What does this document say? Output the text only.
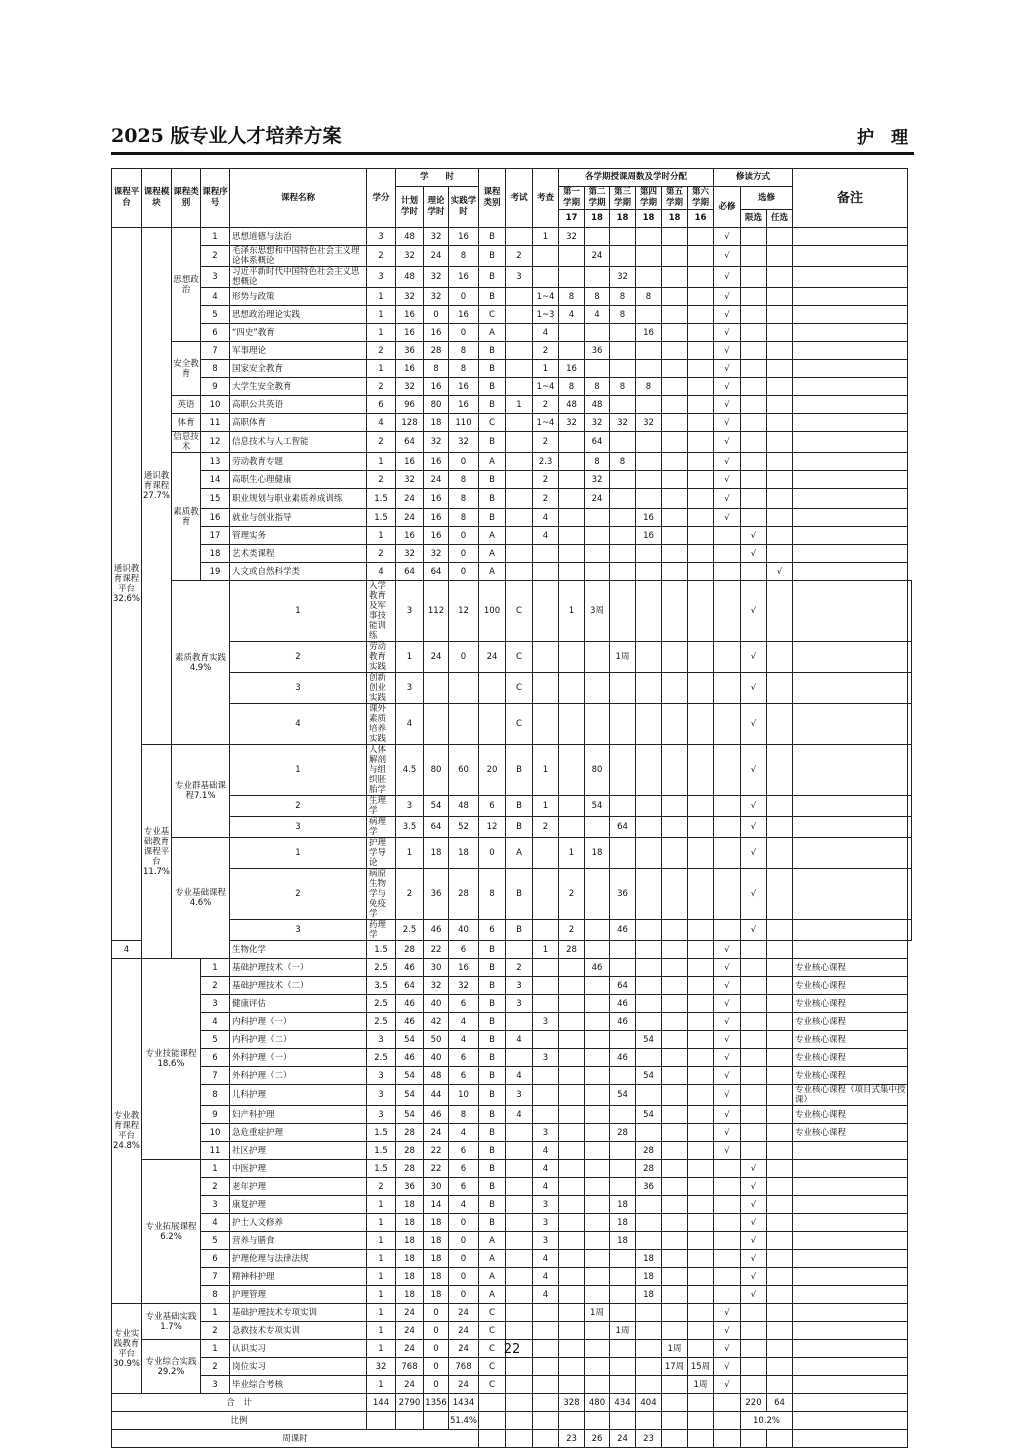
2025 版专业人才培养方案	护　理
课程平台	课程模块	课程类别	课程序号	课程名称	学分	学　　时			课程类别	考试	考查	各学期授课周数及学时分配						修读方式			备注	
						计划学时	理论学时	实践学时				第一学期	第二学期	第三学期	第四学期	第五学期	第六学期	必修	选修			
												17	18	18	18	18	16		限选	任选		
通识教育课程平台32.6%	通识教育课程27.7%	思想政治	1	思想道德与法治	3	48	32	16	B		1	32						√				
			2	毛泽东思想和中国特色社会主义理论体系概论	2	32	24	8	B	2			24					√				
			3	习近平新时代中国特色社会主义思想概论	3	48	32	16	B	3				32				√				
			4	形势与政策	1	32	32	0	B		1~4	8	8	8	8			√				
			5	思想政治理论实践	1	16	0	16	C		1~3	4	4	8				√				
			6	“四史”教育	1	16	16	0	A		4				16			√				
		安全教育	7	军事理论	2	36	28	8	B		2		36					√				
			8	国家安全教育	1	16	8	8	B		1	16						√				
			9	大学生安全教育	2	32	16	16	B		1~4	8	8	8	8			√				
		英语	10	高职公共英语	6	96	80	16	B	1	2	48	48					√				
		体育	11	高职体育	4	128	18	110	C		1~4	32	32	32	32			√				
		信息技术	12	信息技术与人工智能	2	64	32	32	B		2		64					√				
		素质教育	13	劳动教育专题	1	16	16	0	A		2.3		8	8				√				
			14	高职生心理健康	2	32	24	8	B		2		32					√				
			15	职业规划与职业素质养成训练	1.5	24	16	8	B		2		24					√				
			16	就业与创业指导	1.5	24	16	8	B		4				16			√				
			17	管理实务	1	16	16	0	A		4				16				√			
			18	艺术类课程	2	32	32	0	A										√			
			19	人文或自然科学类	4	64	64	0	A											√		
		素质教育实践4.9%		1	入学教育及军事技能训练	3	112	12	100	C		1	3周						√			
				2	劳动教育实践	1	24	0	24	C				1周					√			
				3	创新创业实践	3				C									√			
				4	课外素质培养实践	4				C									√			
	专业基础教育课程平台11.7%	专业群基础课程7.1%		1	人体解剖与组织胚胎学	4.5	80	60	20	B	1		80						√			
				2	生理学	3	54	48	6	B	1		54						√			
				3	病理学	3.5	64	52	12	B	2			64					√			
		专业基础课程4.6%		1	护理学导论	1	18	18	0	A		1	18						√			
				2	病原生物学与免疫学	2	36	28	8	B		2		36					√			
				3	药理学	2.5	46	40	6	B		2		46					√			
4				生物化学	1.5	28	22	6	B		1	28						√				
专业教育课程平台24.8%	专业技能课程18.6%		1	基础护理技术（一）	2.5	46	30	16	B	2			46					√			专业核心课程	
			2	基础护理技术（二）	3.5	64	32	32	B	3				64				√			专业核心课程	
			3	健康评估	2.5	46	40	6	B	3				46				√			专业核心课程	
			4	内科护理（一）	2.5	46	42	4	B		3			46				√			专业核心课程	
			5	内科护理（二）	3	54	50	4	B	4					54			√			专业核心课程	
			6	外科护理（一）	2.5	46	40	6	B		3			46				√			专业核心课程	
			7	外科护理（二）	3	54	48	6	B	4					54			√			专业核心课程	
			8	儿科护理	3	54	44	10	B	3				54				√			专业核心课程（项目式集中授课）	
			9	妇产科护理	3	54	46	8	B	4					54			√			专业核心课程	
			10	急危重症护理	1.5	28	24	4	B		3			28				√			专业核心课程	
			11	社区护理	1.5	28	22	6	B		4				28			√				
	专业拓展课程6.2%		1	中医护理	1.5	28	22	6	B		4				28				√			
			2	老年护理	2	36	30	6	B		4				36				√			
			3	康复护理	1	18	14	4	B		3			18					√			
			4	护士人文修养	1	18	18	0	B		3			18					√			
			5	营养与膳食	1	18	18	0	A		3			18					√			
			6	护理伦理与法律法规	1	18	18	0	A		4				18				√			
			7	精神科护理	1	18	18	0	A		4				18				√			
			8	护理管理	1	18	18	0	A		4				18				√			
专业实践教育平台30.9%	专业基础实践1.7%		1	基础护理技术专项实训	1	24	0	24	C				1周					√				
			2	急救技术专项实训	1	24	0	24	C					1周				√				
	专业综合实践29.2%		1	认识实习	1	24	0	24	C							1周		√				
			2	岗位实习	32	768	0	768	C							17周	15周	√				
			3	毕业综合考核	1	24	0	24	C								1周	√				
合　计					144	2790	1356	1434				328	480	434	404				220	64		
比例								51.4%											10.2%			
周课时												23	26	24	23							
22
